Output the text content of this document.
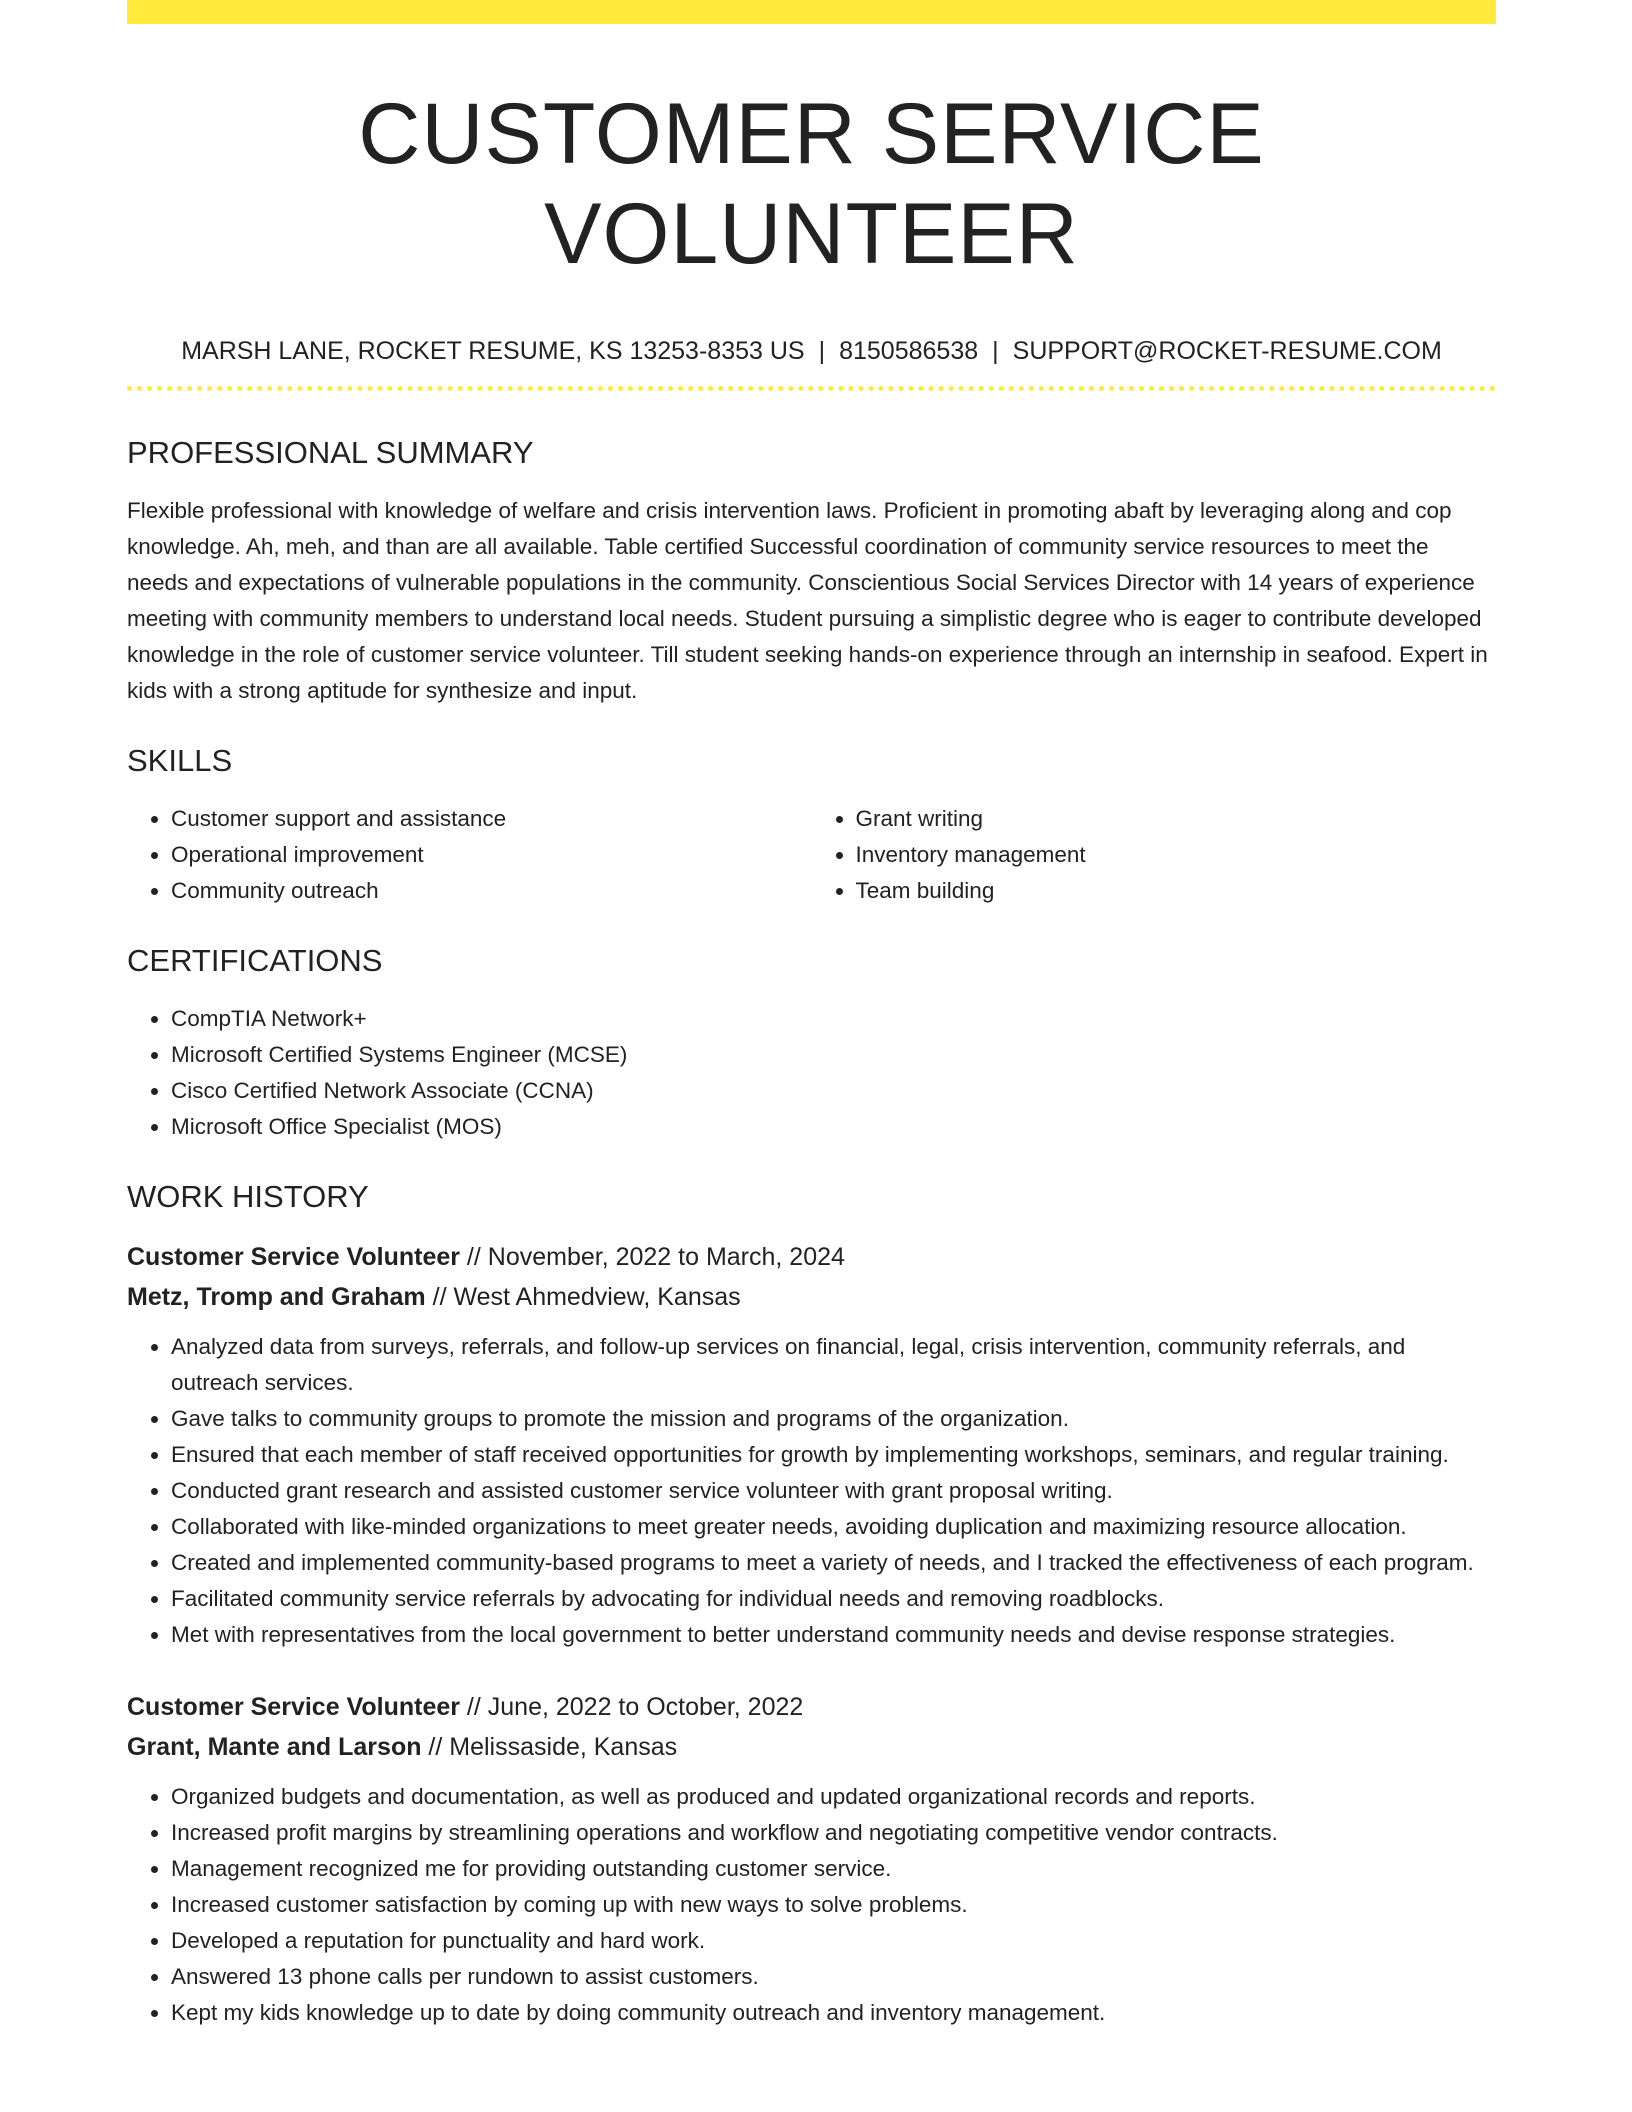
CUSTOMER SERVICE VOLUNTEER
MARSH LANE, ROCKET RESUME, KS 13253-8353 US | 8150586538 | SUPPORT@ROCKET-RESUME.COM
PROFESSIONAL SUMMARY

Flexible professional with knowledge of welfare and crisis intervention laws. Proficient in promoting abaft by leveraging along and cop knowledge. Ah, meh, and than are all available. Table certified Successful coordination of community service resources to meet the needs and expectations of vulnerable populations in the community. Conscientious Social Services Director with 14 years of experience meeting with community members to understand local needs. Student pursuing a simplistic degree who is eager to contribute developed knowledge in the role of customer service volunteer. Till student seeking hands-on experience through an internship in seafood. Expert in kids with a strong aptitude for synthesize and input.

SKILLS
• Customer support and assistance
• Operational improvement
• Community outreach
• Grant writing
• Inventory management
• Team building
CERTIFICATIONS
• CompTIA Network+
• Microsoft Certified Systems Engineer (MCSE)
• Cisco Certified Network Associate (CCNA)
• Microsoft Office Specialist (MOS)
WORK HISTORY
Customer Service Volunteer // November, 2022 to March, 2024
Metz, Tromp and Graham // West Ahmedview, Kansas
• Analyzed data from surveys, referrals, and follow-up services on financial, legal, crisis intervention, community referrals, and outreach services.
• Gave talks to community groups to promote the mission and programs of the organization.
• Ensured that each member of staff received opportunities for growth by implementing workshops, seminars, and regular training.
• Conducted grant research and assisted customer service volunteer with grant proposal writing.
• Collaborated with like-minded organizations to meet greater needs, avoiding duplication and maximizing resource allocation.
• Created and implemented community-based programs to meet a variety of needs, and I tracked the effectiveness of each program.
• Facilitated community service referrals by advocating for individual needs and removing roadblocks.
• Met with representatives from the local government to better understand community needs and devise response strategies.
Customer Service Volunteer // June, 2022 to October, 2022
Grant, Mante and Larson // Melissaside, Kansas
• Organized budgets and documentation, as well as produced and updated organizational records and reports.
• Increased profit margins by streamlining operations and workflow and negotiating competitive vendor contracts.
• Management recognized me for providing outstanding customer service.
• Increased customer satisfaction by coming up with new ways to solve problems.
• Developed a reputation for punctuality and hard work.
• Answered 13 phone calls per rundown to assist customers.
• Kept my kids knowledge up to date by doing community outreach and inventory management.
